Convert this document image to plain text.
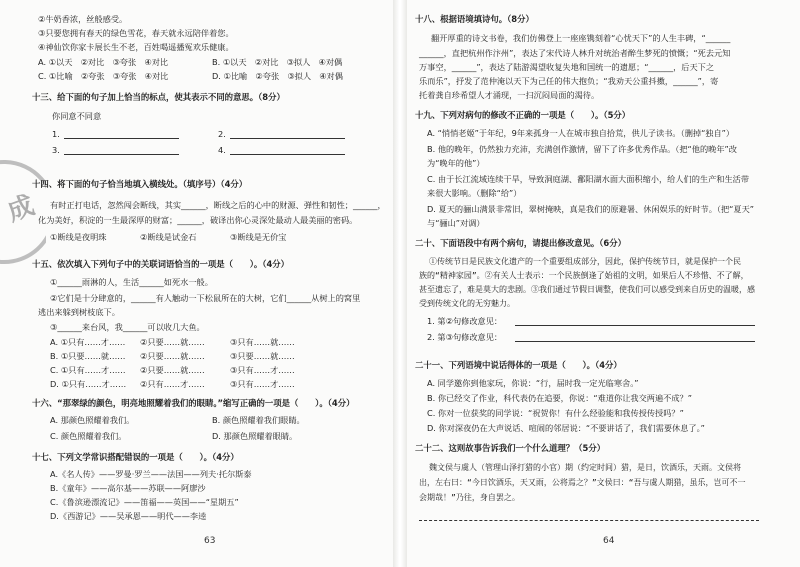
成
②牛奶香浓，丝般感受。
③只要您拥有春天的绿色雪花，春天就永远陪伴着您。
④神仙饮你家卡展长生不老，百姓喝遥播冤欢乐健康。
A. ①以天　②对比　③夸张　④对比	B. ①以天　②对比　③拟人　④对偶
C. ①比喻　②夸张　③夸张　④对比	D. ①比喻　②夸张　③拟人　④对偶
十三、给下面的句子加上恰当的标点，使其表示不同的意思。（8分）
你同意不同意
1.	2.
3.	4.
十四、将下面的句子恰当地填入横线处。（填序号）（4分）
有时正打电话，忽然闯会断线，其实______，断线之后的心中的财源、弹性和韧性；______，
化为美好，积淀的一生最深厚的财富；______，破译出你心灵深处最动人最美丽的密码。
①断线是夜明珠	②断线是试金石	③断线是无价宝
十五、依次填入下列句子中的关联词语恰当的一项是（　　）。（4分）
①______雨淋的人，生活______如死水一般。
②它们是十分肆意的，______有人触动一下松鼠所在的大树，它们______从树上的窝里
逃出来躲到树枝底下。
③______来台风，我______可以收几大鱼。
A. ①只有……才…… ②只要……就……	③只有……就……
B. ①只要……就…… ②只要……就……	③只要……就……
C. ①只有……才…… ②只要……就……	③只有……才……
D. ①只有……才…… ②只有……才……	③只有……才……
十六、“那翠绿的颜色，明亮地照耀着我们的眼睛。”缩写正确的一项是（　　）。（4分）
A. 那颜色照耀着我们。	B. 颜色照耀着我们眼睛。
C. 颜色照耀着我们。	D. 那颜色照耀着眼睛。
十七、下列文学常识搭配错误的一项是（　　）。（4分）
A.《名人传》——罗曼·罗兰——法国——列夫·托尔斯泰
B.《童年》——高尔基——苏联——阿廖沙
C.《鲁滨逊漂流记》——笛福——英国——“星期五”
D.《西游记》——吴承恩——明代——李逵
63
十八、根据语境填诗句。（8分）
翻开厚重的诗文书卷，我们仿佛登上一座座镌刻着“心忧天下”的人生丰碑，“______
______，直把杭州作汴州”，表达了宋代诗人林升对统治者醉生梦死的愤慨；“死去元知
万事空，______”，表达了陆游渴望收复失地和国统一的遗愿；“______，后天下之
乐而乐”，抒发了范仲淹以天下为己任的伟大抱负；“我劝天公重抖擞，______”，寄
托着龚自珍希望人才涌现，一扫沉闷局面的渴待。
十九、下列对病句的修改不正确的一项是（　　）。（5分）
A. “悄悄老姬”于年纪，9年来孤身一人在城市独自拾荒，供儿子读书。（删掉“独自”）
B. 他的晚年，仍然独力充沛，充满创作激情，留下了许多优秀作品。（把“他的晚年”改
为“晚年的他”）
C. 由于长江流域连续干旱，导致洞庭湖、鄱阳湖水面大面积缩小，给人们的生产和生活带
来很大影响。（删除“给”）
D. 夏天的骊山满景非常旧，翠树掩映，真是我们的原避暑、休闲娱乐的好时节。（把“夏天”
与“骊山”对调）
二十、下面语段中有两个病句，请提出修改意见。（6分）
①传统节日是民族文化遗产的一个重要组成部分，因此，保护传统节日，就是保护一个民
族的“精神家园”。②有关人士表示：一个民族倒逢了始祖的文明，如果后人不珍惜、不了解，
甚至遗忘了，难是莫大的悲剧。③我们通过节假日调整，使我们可以感受到来自历史的温暖，感
受到传统文化的无穷魅力。
1. 第②句修改意见：
2. 第③句修改意见：
二十一、下列语境中说话得体的一项是（　　）。（4分）
A. 同学邀你到他家玩，你说：“行，届时我一定光临寒舍。”
B. 你已经交了作业，科代表仍在追要，你说：“难道你让我交两遍不成？”
C. 你对一位获奖的同学说：“祝贺你！有什么经验能和我传授传授吗？”
D. 你对深夜仍在大声说话、喧闹的邻居说：“不要讲话了，我们需要休息了。”
二十二、这则故事告诉我们一个什么道理？（5分）
魏文侯与虞人（管理山泽打猎的小官）期（约定时间）猎，是日，饮酒乐，天雨。文侯将
出，左右曰：“今日饮酒乐，天又雨，公将焉之？”文侯曰：“吾与虞人期猎，虽乐，岂可不一
会期哉！”乃往，身自罢之。
64
